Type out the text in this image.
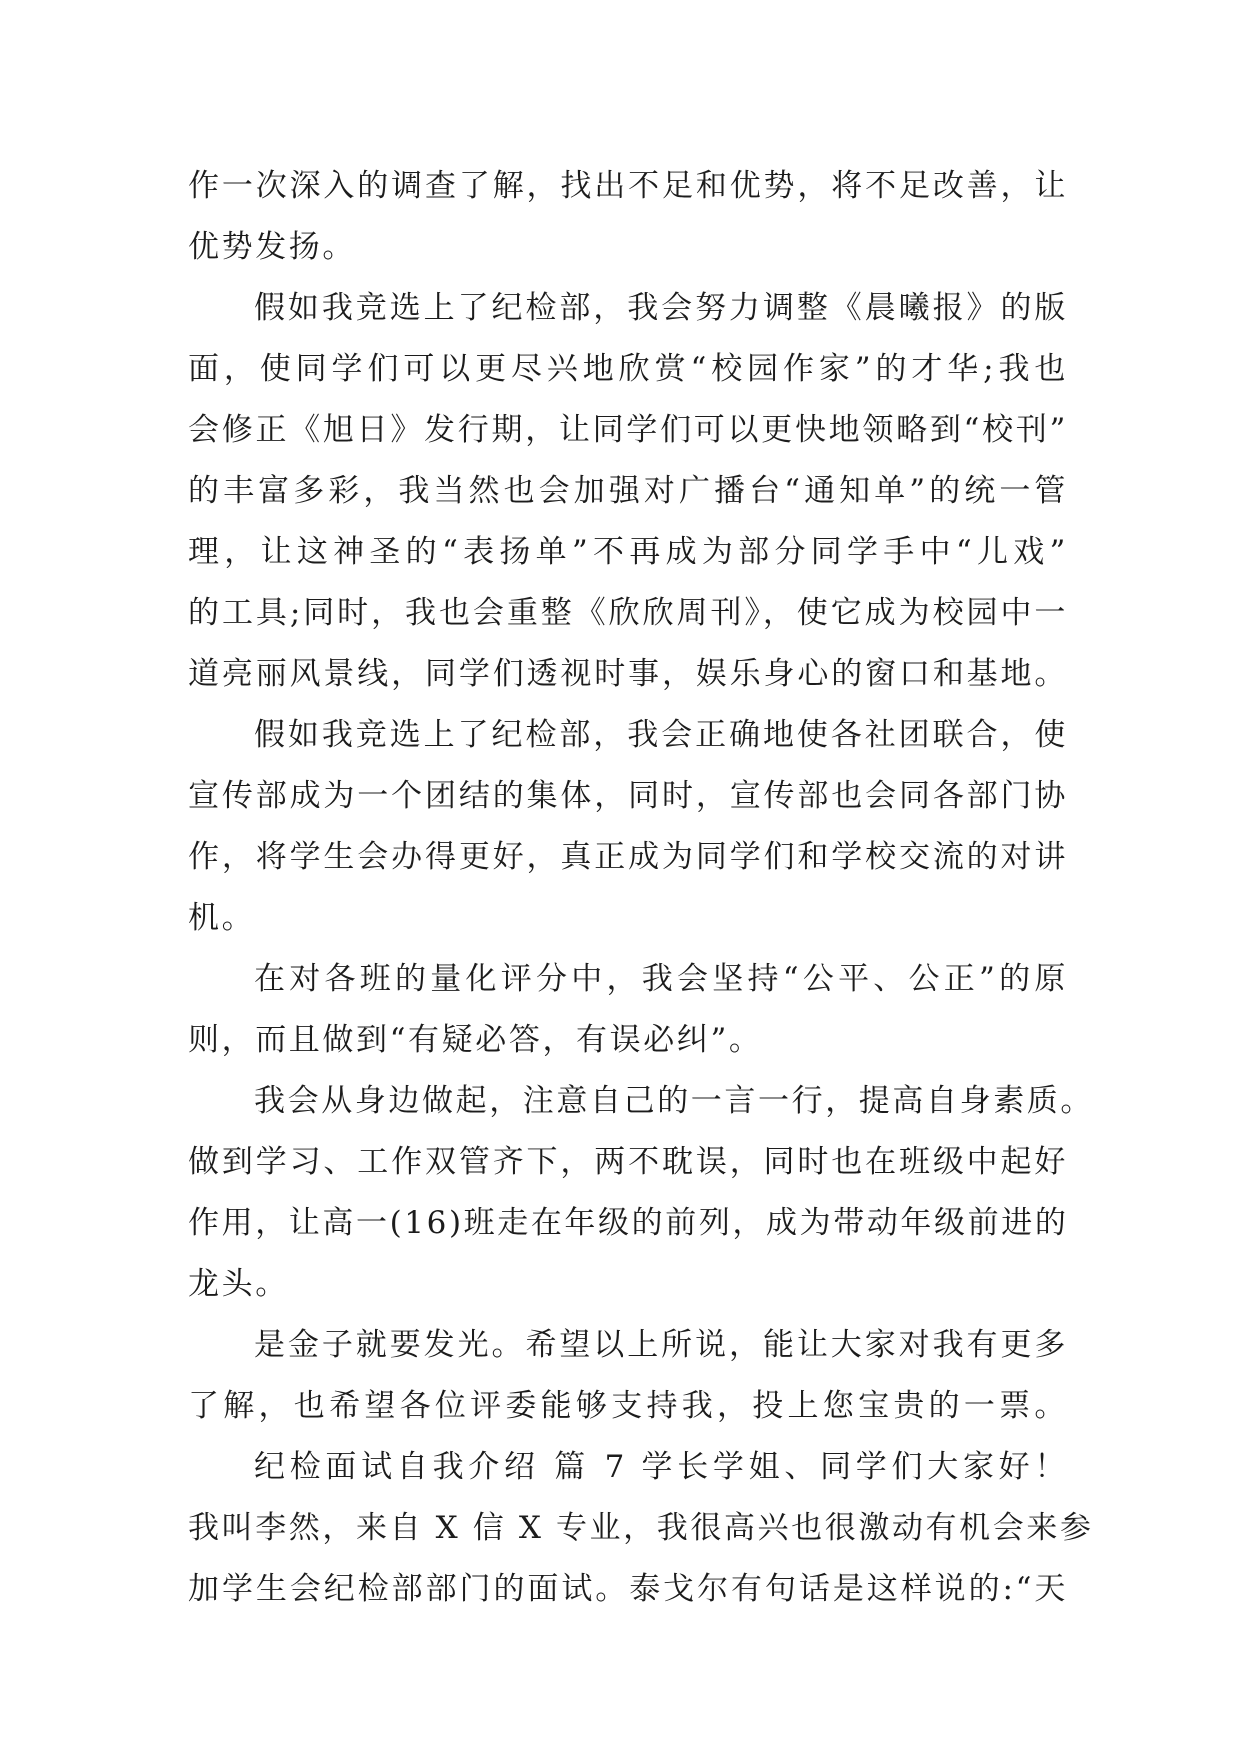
作一次深入的调查了解，找出不足和优势，将不足改善，让
优势发扬。
假如我竞选上了纪检部，我会努力调整《晨曦报》的版
面，使同学们可以更尽兴地欣赏“校园作家”的才华;我也
会修正《旭日》发行期，让同学们可以更快地领略到“校刊”
的丰富多彩，我当然也会加强对广播台“通知单”的统一管
理，让这神圣的“表扬单”不再成为部分同学手中“儿戏”
的工具;同时，我也会重整《欣欣周刊》，使它成为校园中一
道亮丽风景线，同学们透视时事，娱乐身心的窗口和基地。
假如我竞选上了纪检部，我会正确地使各社团联合，使
宣传部成为一个团结的集体，同时，宣传部也会同各部门协
作，将学生会办得更好，真正成为同学们和学校交流的对讲
机。
在对各班的量化评分中，我会坚持“公平、公正”的原
则，而且做到“有疑必答，有误必纠”。
我会从身边做起，注意自己的一言一行，提高自身素质。
做到学习、工作双管齐下，两不耽误，同时也在班级中起好
作用，让高一(16)班走在年级的前列，成为带动年级前进的
龙头。
是金子就要发光。希望以上所说，能让大家对我有更多
了解，也希望各位评委能够支持我，投上您宝贵的一票。
纪检面试自我介绍 篇 7 学长学姐、同学们大家好！
我叫李然，来自 X 信 X 专业，我很高兴也很激动有机会来参
加学生会纪检部部门的面试。泰戈尔有句话是这样说的:“天
